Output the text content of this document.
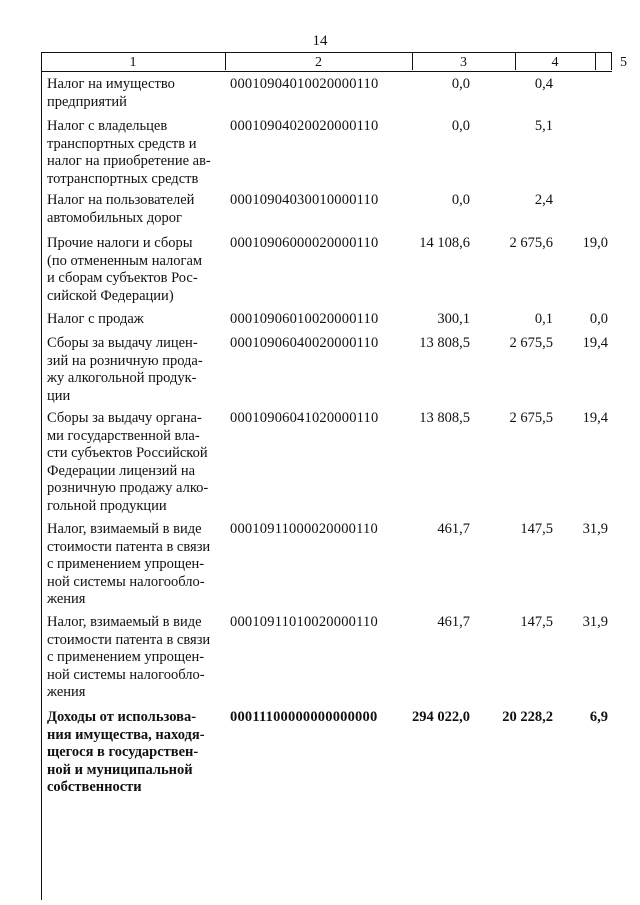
14
1	2	3	4	5
Налог на имущество
предприятий
00010904010020000110	0,0	0,4
Налог с владельцев
транспортных средств и
налог на приобретение ав-
тотранспортных средств
00010904020020000110	0,0	5,1
Налог на пользователей
автомобильных дорог
00010904030010000110	0,0	2,4
Прочие налоги и сборы
(по отмененным налогам
и сборам субъектов Рос-
сийской Федерации)
00010906000020000110	14 108,6	2 675,6	19,0
Налог с продаж	00010906010020000110	300,1	0,1	0,0
Сборы за выдачу лицен-
зий на розничную прода-
жу алкогольной продук-
ции
00010906040020000110	13 808,5	2 675,5	19,4
Сборы за выдачу органа-
ми государственной вла-
сти субъектов Российской
Федерации лицензий на
розничную продажу алко-
гольной продукции
00010906041020000110	13 808,5	2 675,5	19,4
Налог, взимаемый в виде
стоимости патента в связи
с применением упрощен-
ной системы налогообло-
жения
00010911000020000110	461,7	147,5	31,9
Налог, взимаемый в виде
стоимости патента в связи
с применением упрощен-
ной системы налогообло-
жения
00010911010020000110	461,7	147,5	31,9
Доходы от использова-
ния имущества, находя-
щегося в государствен-
ной и муниципальной
собственности
00011100000000000000	294 022,0	20 228,2	6,9
